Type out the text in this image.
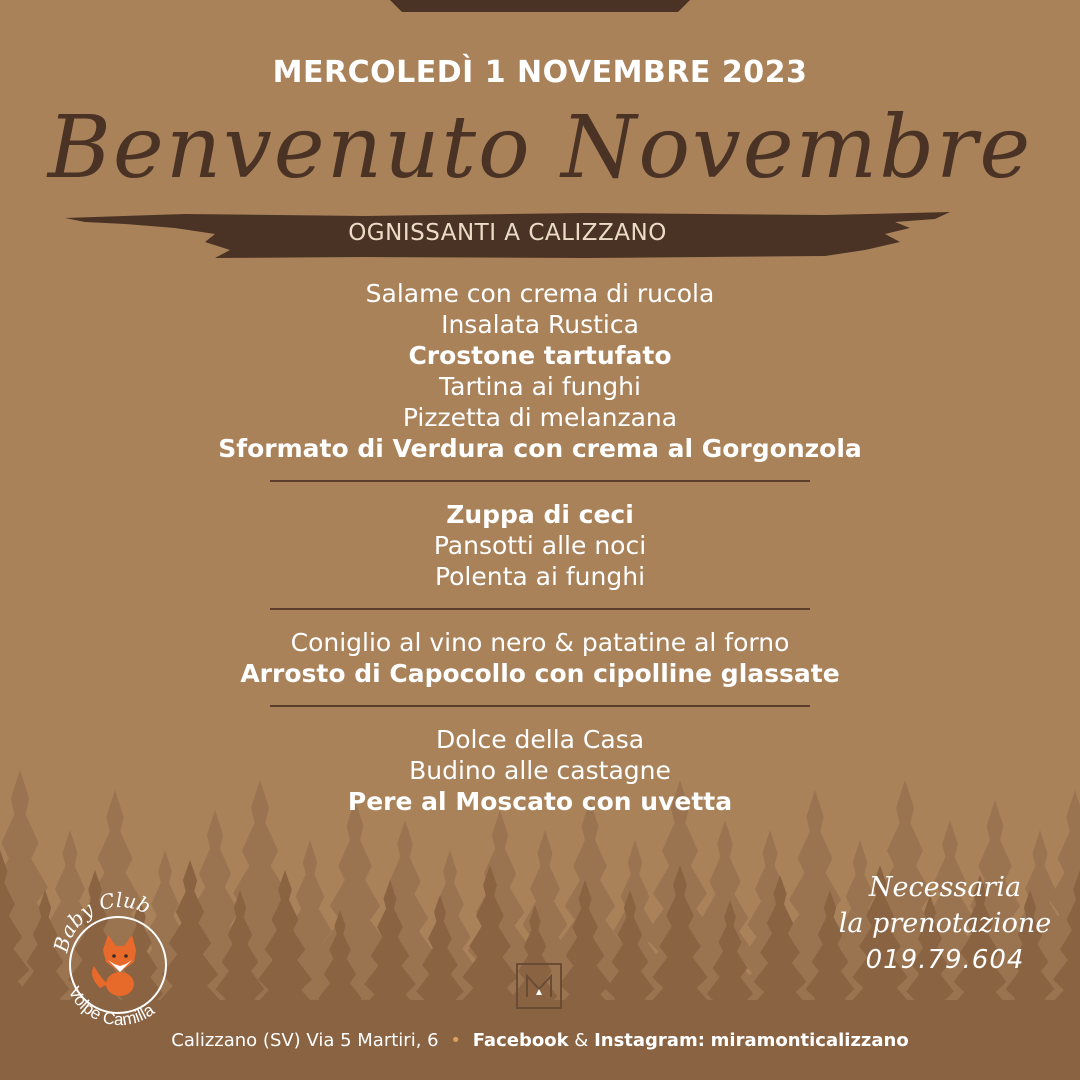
MERCOLEDÌ 1 NOVEMBRE 2023
Benvenuto Novembre
OGNISSANTI A CALIZZANO
Salame con crema di rucola
Insalata Rustica
Crostone tartufato
Tartina ai funghi
Pizzetta di melanzana
Sformato di Verdura con crema al Gorgonzola
Zuppa di ceci
Pansotti alle noci
Polenta ai funghi
Coniglio al vino nero & patatine al forno
Arrosto di Capocollo con cipolline glassate
Dolce della Casa
Budino alle castagne
Pere al Moscato con uvetta
Baby Club
Volpe Camilla
Necessaria
la prenotazione
019.79.604
Calizzano (SV) Via 5 Martiri, 6 • Facebook & Instagram: miramonticalizzano
